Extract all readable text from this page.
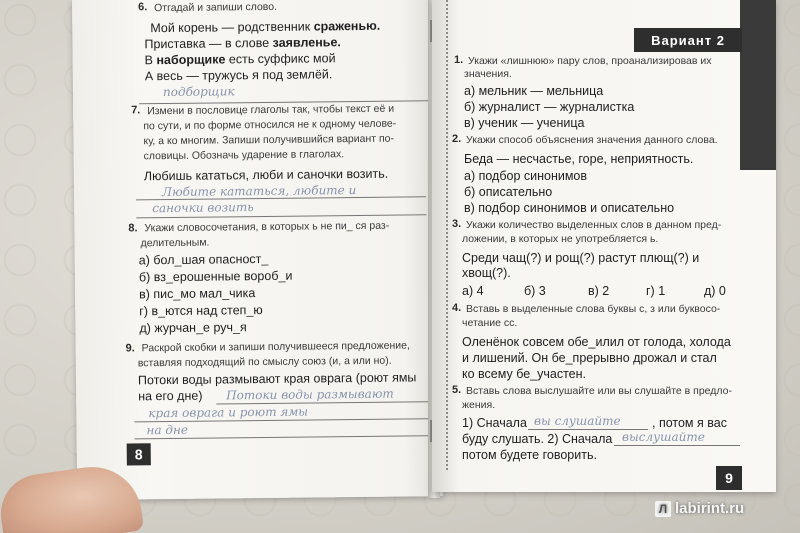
6. Отгадай и запиши слово.
Мой корень — родственник сраженью.
Приставка — в слове заявленье.
В наборщике есть суффикс мой
А весь — тружусь я под землёй.
подборщик
7. Измени в пословице глаголы так, чтобы текст её и
по сути, и по форме относился не к одному челове-
ку, а ко многим. Запиши получившийся вариант по-
словицы. Обозначь ударение в глаголах.
Любишь кататься, люби и саночки возить.
Любите кататься, любите и
саночки возить
8. Укажи словосочетания, в которых ь не пи_ ся раз-
делительным.
а) бол_шая опасност_
б) вз_ерошенные вороб_и
в) пис_мо мал_чика
г) в_ются над степ_ю
д) журчан_е руч_я
9. Раскрой скобки и запиши получившееся предложение,
вставляя подходящий по смыслу союз (и, а или но).
Потоки воды размывают края оврага (роют ямы
на его дне) Потоки воды размывают
края оврага и роют ямы
на дне
8
Вариант 2
1. Укажи «лишнюю» пару слов, проанализировав их
значения.
а) мельник — мельница
б) журналист — журналистка
в) ученик — ученица
2. Укажи способ объяснения значения данного слова.
Беда — несчастье, горе, неприятность.
а) подбор синонимов
б) описательно
в) подбор синонимов и описательно
3. Укажи количество выделенных слов в данном пред-
ложении, в которых не употребляется ь.
Среди чащ(?) и рощ(?) растут плющ(?) и
хвощ(?).
а) 4	б) 3	в) 2	г) 1	д) 0
4. Вставь в выделенные слова буквы с, з или буквосо-
четание сс.
Оленёнок совсем обе_илил от голода, холода
и лишений. Он бе_прерывно дрожал и стал
ко всему бе_участен.
5. Вставь слова выслушайте или вы слушайте в предло-
жения.
1) Сначала вы слушайте	, потом я вас
буду слушать. 2) Сначала выслушайте
потом будете говорить.
9
Л labirint.ru
